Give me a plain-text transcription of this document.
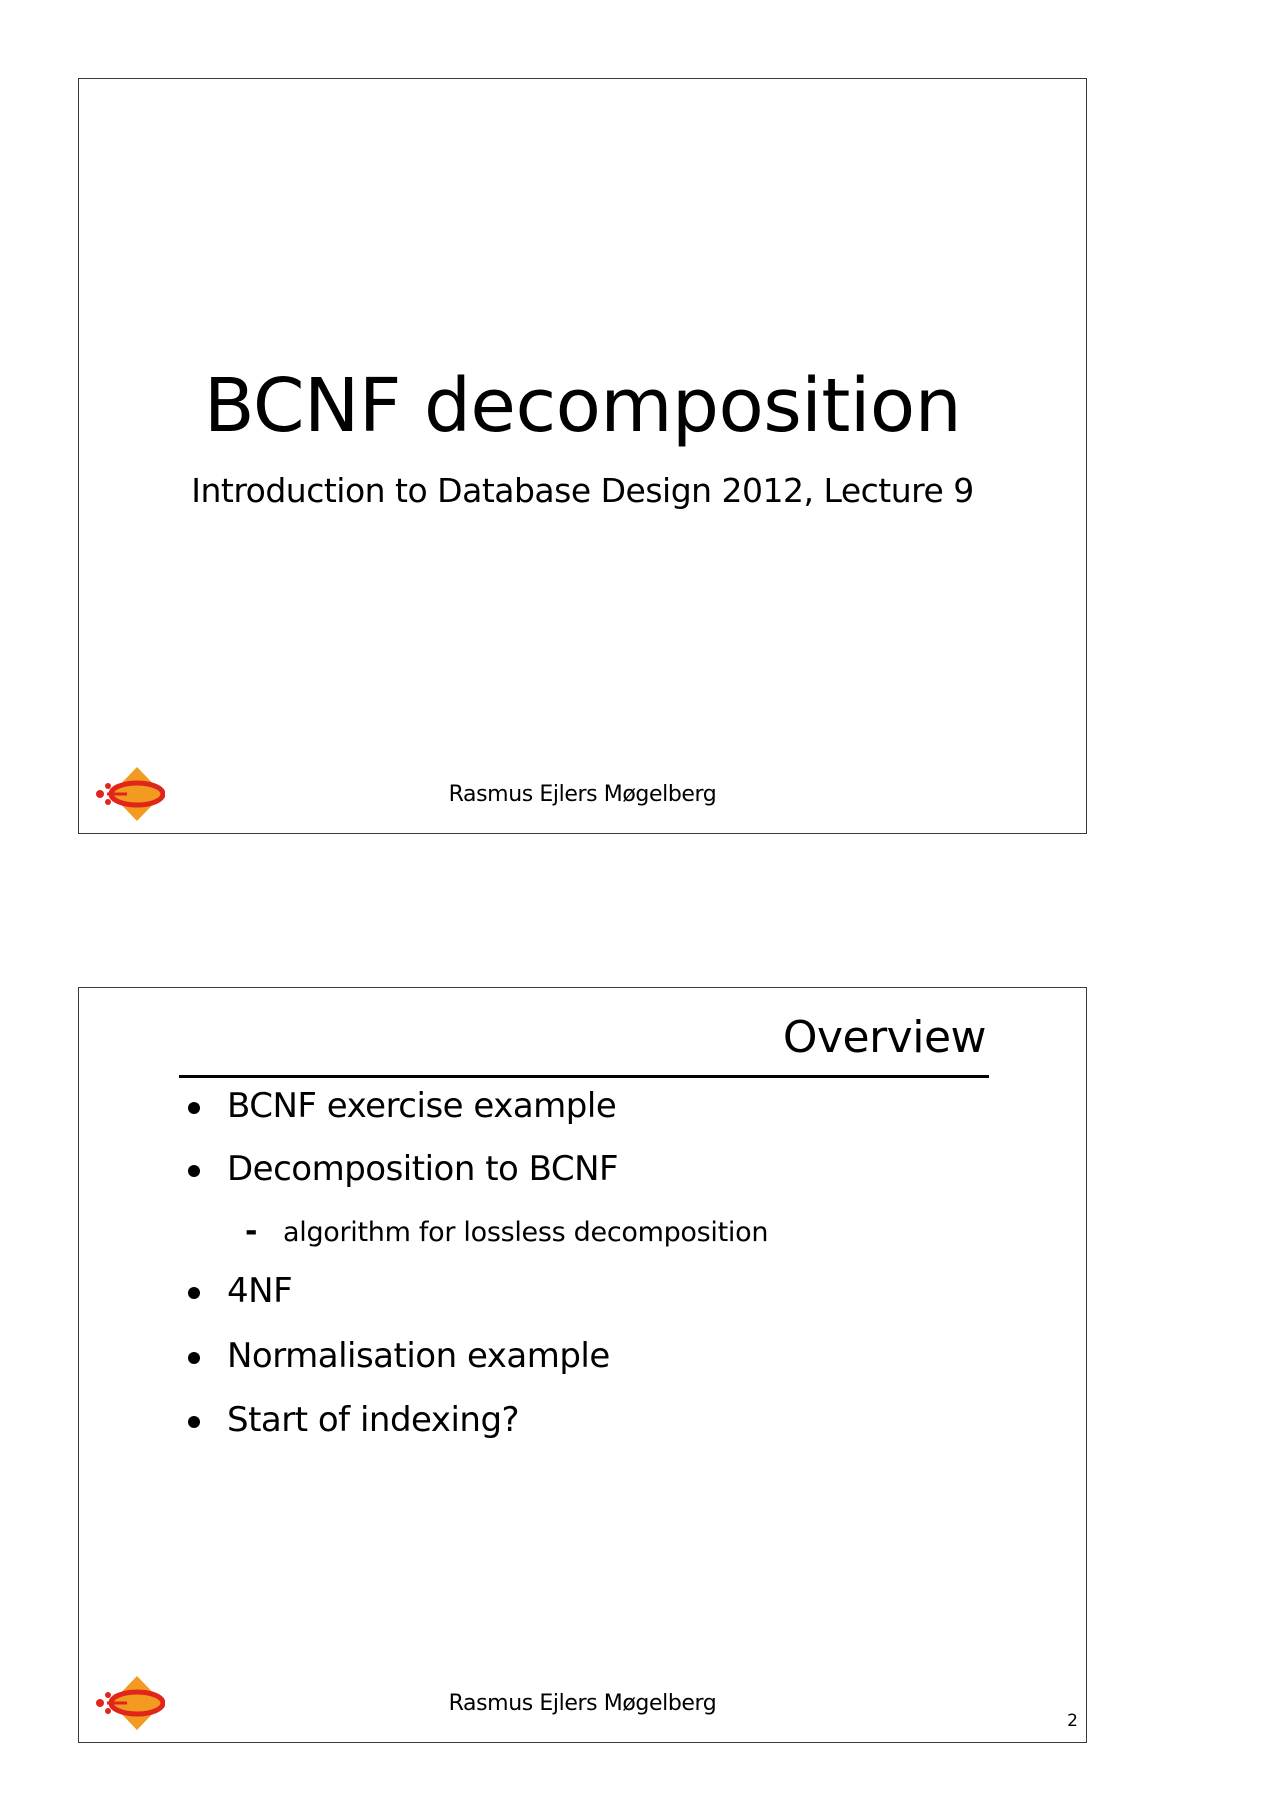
BCNF decomposition
Introduction to Database Design 2012, Lecture 9
Rasmus Ejlers Møgelberg
Overview
BCNF exercise example
Decomposition to BCNF
- algorithm for lossless decomposition
4NF
Normalisation example
Start of indexing?
Rasmus Ejlers Møgelberg
2
